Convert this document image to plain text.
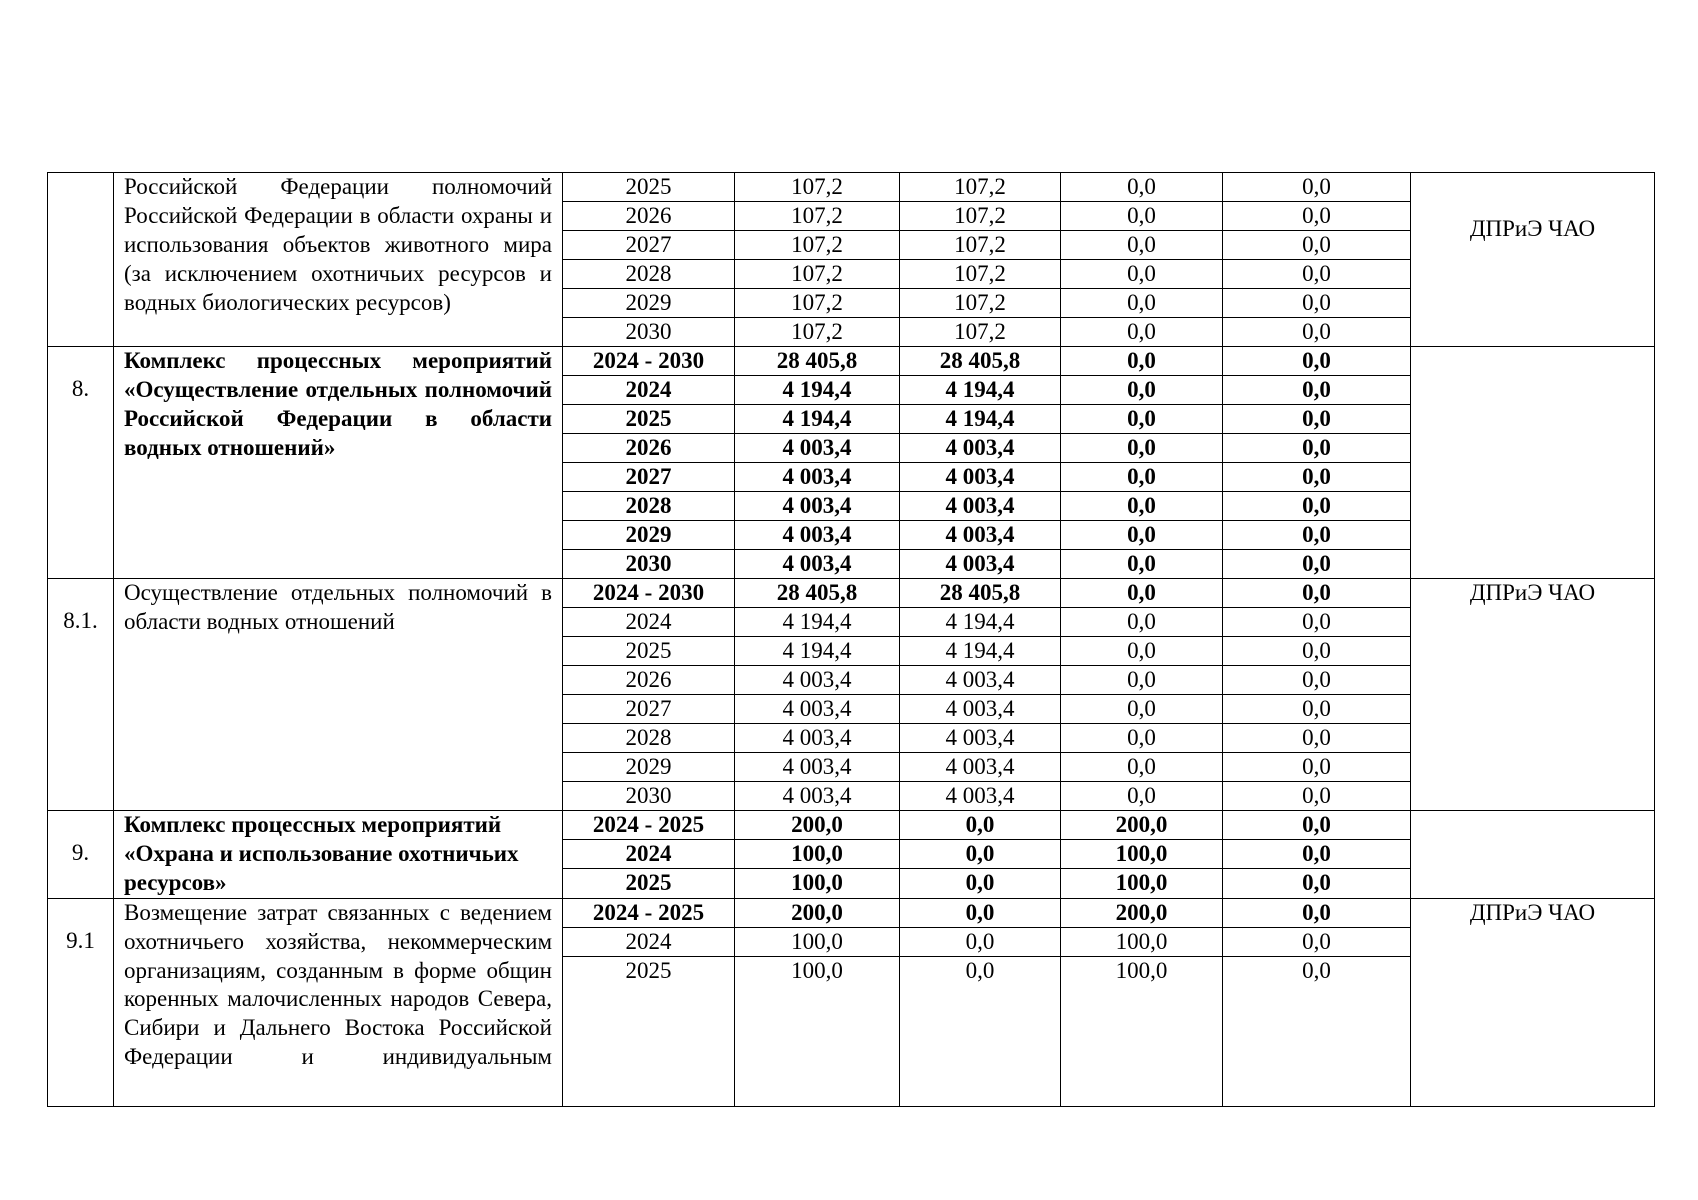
	Российской Федерации полномочий Российской Федерации в области охраны и использования объектов животного мира (за исключением охотничьих ресурсов и водных биологических ресурсов)	2025	107,2	107,2	0,0	0,0	ДПРиЭ ЧАО

		2026	107,2	107,2	0,0	0,0	
		2027	107,2	107,2	0,0	0,0	
		2028	107,2	107,2	0,0	0,0	
		2029	107,2	107,2	0,0	0,0	
		2030	107,2	107,2	0,0	0,0	
8.	Комплекс процессных мероприятий «Осуществление отдельных полномочий Российской Федерации в области водных отношений»	2024 - 2030	28 405,8	28 405,8	0,0	0,0	
		2024	4 194,4	4 194,4	0,0	0,0	
		2025	4 194,4	4 194,4	0,0	0,0	
		2026	4 003,4	4 003,4	0,0	0,0	
		2027	4 003,4	4 003,4	0,0	0,0	
		2028	4 003,4	4 003,4	0,0	0,0	
		2029	4 003,4	4 003,4	0,0	0,0	
		2030	4 003,4	4 003,4	0,0	0,0	
8.1.	Осуществление отдельных полномочий в области водных отношений	2024 - 2030	28 405,8	28 405,8	0,0	0,0	ДПРиЭ ЧАО
		2024	4 194,4	4 194,4	0,0	0,0	
		2025	4 194,4	4 194,4	0,0	0,0	
		2026	4 003,4	4 003,4	0,0	0,0	
		2027	4 003,4	4 003,4	0,0	0,0	
		2028	4 003,4	4 003,4	0,0	0,0	
		2029	4 003,4	4 003,4	0,0	0,0	
		2030	4 003,4	4 003,4	0,0	0,0	
9.	Комплекс процессных мероприятий «Охрана и использование охотничьих ресурсов»	2024 - 2025	200,0	0,0	200,0	0,0	
		2024	100,0	0,0	100,0	0,0	
		2025	100,0	0,0	100,0	0,0	

9.1	Возмещение затрат связанных с ведением охотничьего хозяйства, некоммерческим организациям, созданным в форме общин коренных малочисленных народов Севера, Сибири и Дальнего Востока Российской Федерации и индивидуальным	2024 - 2025	200,0	0,0	200,0	0,0	ДПРиЭ ЧАО
		2024	100,0	0,0	100,0	0,0	
		2025	100,0	0,0	100,0	0,0	
